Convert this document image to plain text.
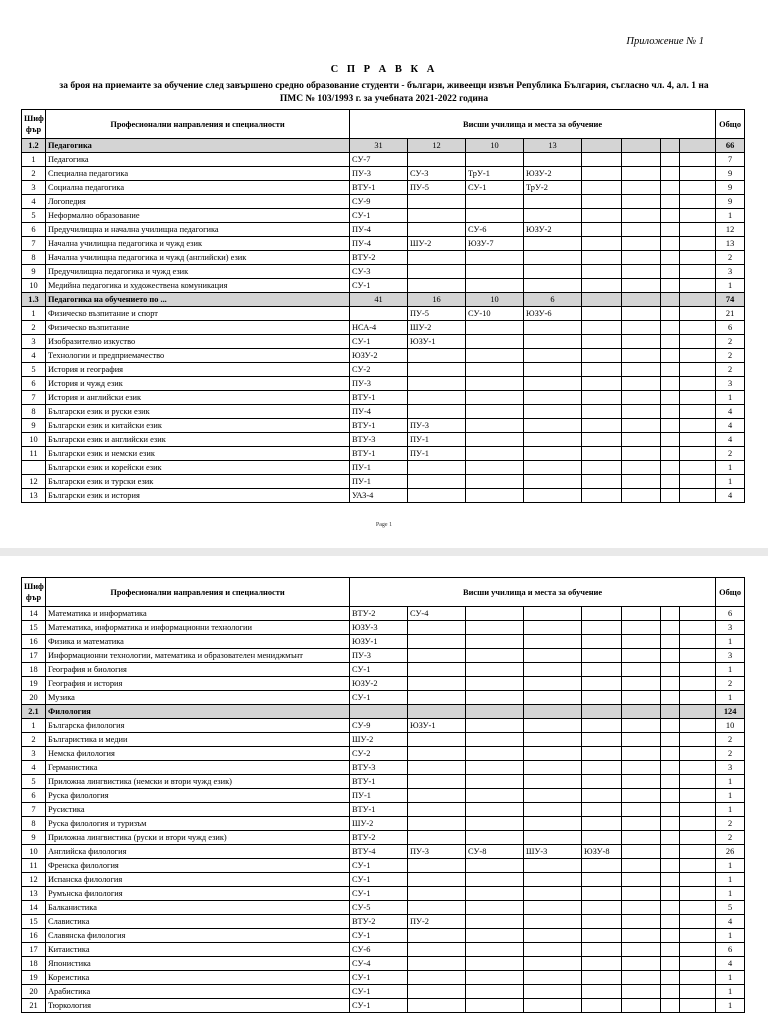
Приложение № 1
С П Р А В К А
за броя на приемаите за обучение след завършено средно образование студенти - българи, живеещи извън Република България, съгласно чл. 4, ал. 1 на
ПМС № 103/1993 г. за учебната 2021-2022 година
Шиф
фър	Професионални направления и специалности	Висши училища и места за обучение								Общо
1.2	Педагогика	31	12	10	13					66
1	Педагогика	СУ-7								7
2	Специална педагогика	ПУ-3	СУ-3	ТрУ-1	ЮЗУ-2					9
3	Социална педагогика	ВТУ-1	ПУ-5	СУ-1	ТрУ-2					9
4	Логопедия	СУ-9								9
5	Неформално образование	СУ-1								1
6	Предучилищна и начална училищна педагогика	ПУ-4		СУ-6	ЮЗУ-2					12
7	Начална училищна педагогика и чужд език	ПУ-4	ШУ-2	ЮЗУ-7						13
8	Начална училищна педагогика и чужд (английски) език	ВТУ-2								2
9	Предучилищна педагогика и чужд език	СУ-3								3
10	Медийна педагогика и художествена комуникация	СУ-1								1
1.3	Педагогика на обучението по ...	41	16	10	6					74
1	Физическо възпитание и спорт		ПУ-5	СУ-10	ЮЗУ-6					21
2	Физическо възпитание	НСА-4	ШУ-2							6
3	Изобразително изкуство	СУ-1	ЮЗУ-1							2
4	Технологии и предприемачество	ЮЗУ-2								2
5	История и география	СУ-2								2
6	История и чужд език	ПУ-3								3
7	История и английски език	ВТУ-1								1
8	Български език и руски език	ПУ-4								4
9	Български език и китайски език	ВТУ-1	ПУ-3							4
10	Български език и английски език	ВТУ-3	ПУ-1							4
11	Български език и немски език	ВТУ-1	ПУ-1							2
	Български език и корейски език	ПУ-1								1
12	Български език и турски език	ПУ-1								1
13	Български език и история	УАЗ-4								4
Page 1
Шиф
фър	Професионални направления и специалности	Висши училища и места за обучение								Общо
14	Математика и информатика	ВТУ-2	СУ-4							6
15	Математика, информатика и информационни технологии	ЮЗУ-3								3
16	Физика и математика	ЮЗУ-1								1
17	Информационни технологии, математика и образователен мениджмънт	ПУ-3								3
18	География и биология	СУ-1								1
19	География и история	ЮЗУ-2								2
20	Музика	СУ-1								1
2.1	Филология									124
1	Българска филология	СУ-9	ЮЗУ-1							10
2	Българистика и медии	ШУ-2								2
3	Немска филология	СУ-2								2
4	Германистика	ВТУ-3								3
5	Приложна лингвистика (немски и втори чужд език)	ВТУ-1								1
6	Руска филология	ПУ-1								1
7	Русистика	ВТУ-1								1
8	Руска филология и туризъм	ШУ-2								2
9	Приложна лингвистика (руски и втори чужд език)	ВТУ-2								2
10	Английска филология	ВТУ-4	ПУ-3	СУ-8	ШУ-3	ЮЗУ-8				26
11	Френска филология	СУ-1								1
12	Испанска филология	СУ-1								1
13	Румънска филология	СУ-1								1
14	Балканистика	СУ-5								5
15	Славистика	ВТУ-2	ПУ-2							4
16	Славянска филология	СУ-1								1
17	Китаистика	СУ-6								6
18	Японистика	СУ-4								4
19	Кореистика	СУ-1								1
20	Арабистика	СУ-1								1
21	Тюркология	СУ-1								1
